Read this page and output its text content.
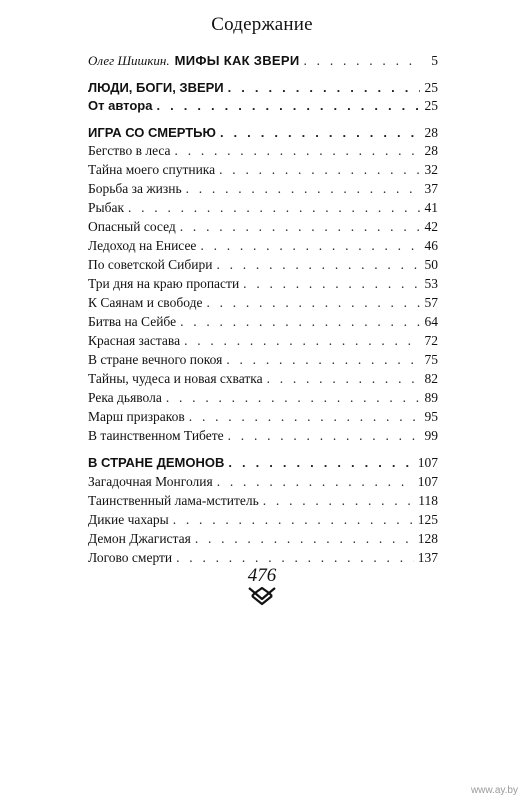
Содержание
Олег Шишкин. МИФЫ КАК ЗВЕРИ . . .	5
ЛЮДИ, БОГИ, ЗВЕРИ . . .	25
От автора . . .	25
ИГРА СО СМЕРТЬЮ . . .	28
Бегство в леса . . .	28
Тайна моего спутника . . .	32
Борьба за жизнь . . .	37
Рыбак . . .	41
Опасный сосед . . .	42
Ледоход на Енисее . . .	46
По советской Сибири . . .	50
Три дня на краю пропасти . . .	53
К Саянам и свободе . . .	57
Битва на Сейбе . . .	64
Красная застава . . .	72
В стране вечного покоя . . .	75
Тайны, чудеса и новая схватка . . .	82
Река дьявола . . .	89
Марш призраков . . .	95
В таинственном Тибете . . .	99
В СТРАНЕ ДЕМОНОВ . . .	107
Загадочная Монголия . . .	107
Таинственный лама-мститель . . .	118
Дикие чахары . . .	125
Демон Джагистая . . .	128
Логово смерти . . .	137
476
www.ay.by
